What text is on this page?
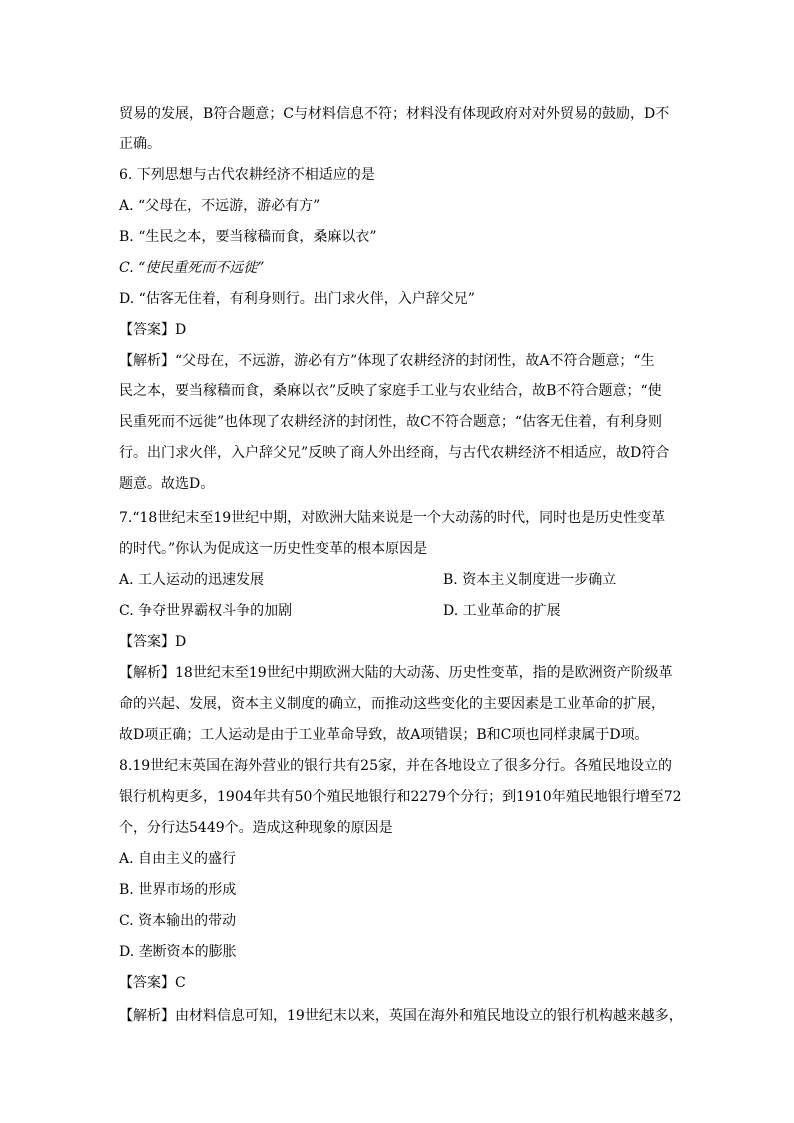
贸易的发展，B符合题意；C与材料信息不符；材料没有体现政府对对外贸易的鼓励，D不
正确。
6. 下列思想与古代农耕经济不相适应的是
A. “父母在，不远游，游必有方”
B. “生民之本，要当稼穑而食，桑麻以衣”
C. “使民重死而不远徙”
D. “估客无住着，有利身则行。出门求火伴，入户辞父兄”
【答案】D
【解析】“父母在，不远游，游必有方”体现了农耕经济的封闭性，故A不符合题意；“生
民之本，要当稼穑而食，桑麻以衣”反映了家庭手工业与农业结合，故B不符合题意；“使
民重死而不远徙”也体现了农耕经济的封闭性，故C不符合题意；“估客无住着，有利身则
行。出门求火伴，入户辞父兄”反映了商人外出经商，与古代农耕经济不相适应，故D符合
题意。故选D。
7.“18世纪末至19世纪中期，对欧洲大陆来说是一个大动荡的时代，同时也是历史性变革
的时代。”你认为促成这一历史性变革的根本原因是
A. 工人运动的迅速发展	B. 资本主义制度进一步确立
C. 争夺世界霸权斗争的加剧	D. 工业革命的扩展
【答案】D
【解析】18世纪末至19世纪中期欧洲大陆的大动荡、历史性变革，指的是欧洲资产阶级革
命的兴起、发展，资本主义制度的确立，而推动这些变化的主要因素是工业革命的扩展，
故D项正确；工人运动是由于工业革命导致，故A项错误；B和C项也同样隶属于D项。
8.19世纪末英国在海外营业的银行共有25家，并在各地设立了很多分行。各殖民地设立的
银行机构更多，1904年共有50个殖民地银行和2279个分行；到1910年殖民地银行增至72
个，分行达5449个。造成这种现象的原因是
A. 自由主义的盛行
B. 世界市场的形成
C. 资本输出的带动
D. 垄断资本的膨胀
【答案】C
【解析】由材料信息可知，19世纪末以来，英国在海外和殖民地设立的银行机构越来越多，
